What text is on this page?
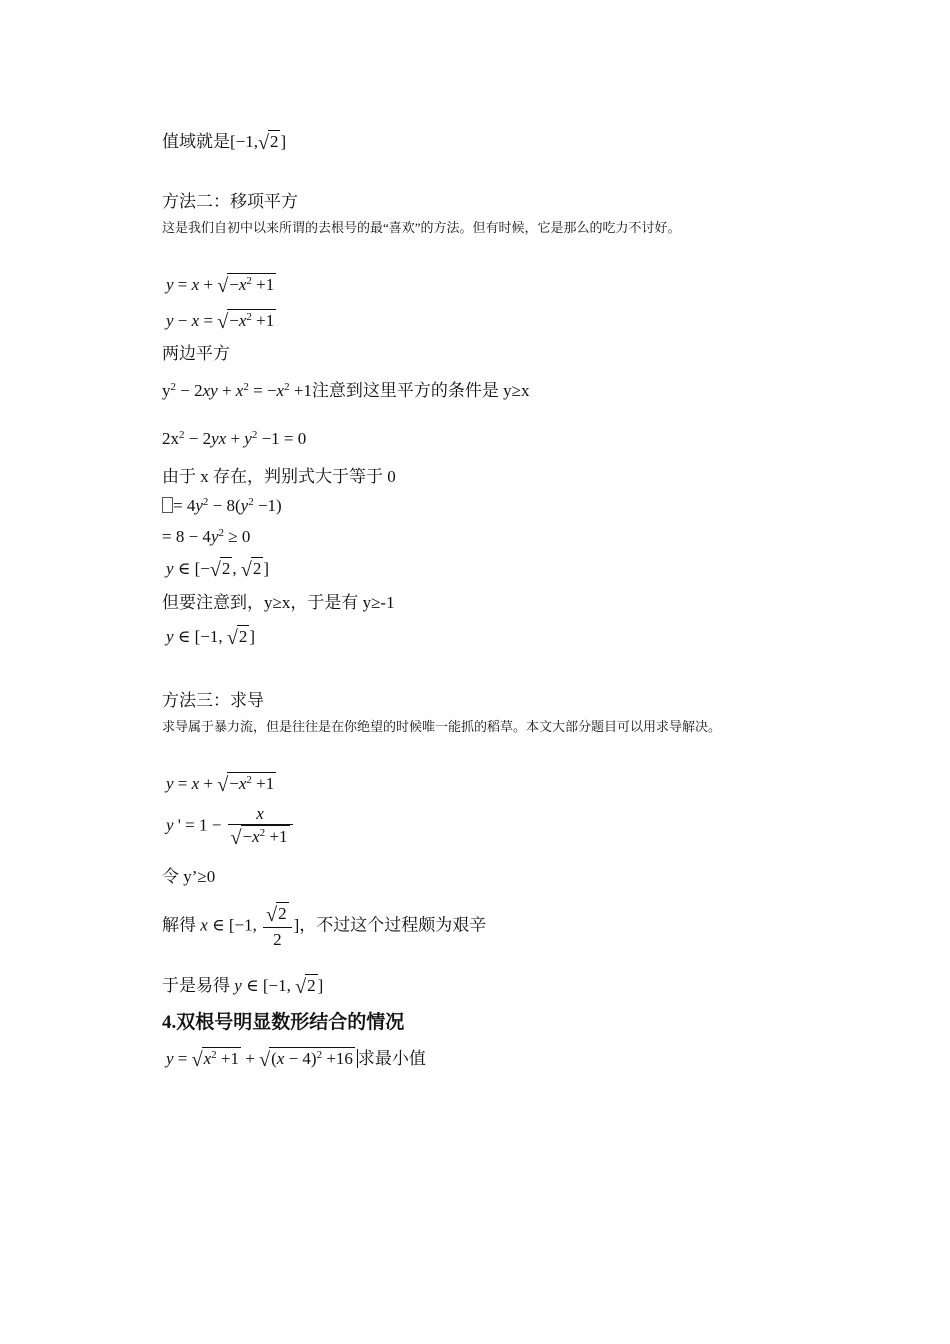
值域就是[−1,√2 ]
方法二：移项平方
这是我们自初中以来所谓的去根号的最“喜欢”的方法。但有时候，它是那么的吃力不讨好。
$y = x + √-x^2 +1$
$y - x = √-x^2 +1$
两边平方
$y^2 - 2xy + x^2 = -x^2 +1$注意到这里平方的条件是 y≥x
$2x^2 - 2yx + y^2 -1 = 0$
由于 x 存在，判别式大于等于 0
= $4y^2 - 8(y^2 -1)$
= $8 - 4y^2 \ge 0$
y ∈ [−√2 , √2 ]
但要注意到，y≥x，于是有 y≥-1
y ∈ [−1, √2 ]
方法三：求导
求导属于暴力流，但是往往是在你绝望的时候唯一能抓的稻草。本文大部分题目可以用求导解决。
$y = x + √-x^2 +1$
y ' = $1 - \frac{x}{√-x^2 +1}$
令 y’≥0
解得 x ∈ [−1, $\frac{√2}{2}$ ]，不过这个过程颇为艰辛
于是易得 y ∈ [−1, √2 ]
4.双根号明显数形结合的情况
$y = √x^2 +1 + √(x - 4)^2 +16$ 求最小值
